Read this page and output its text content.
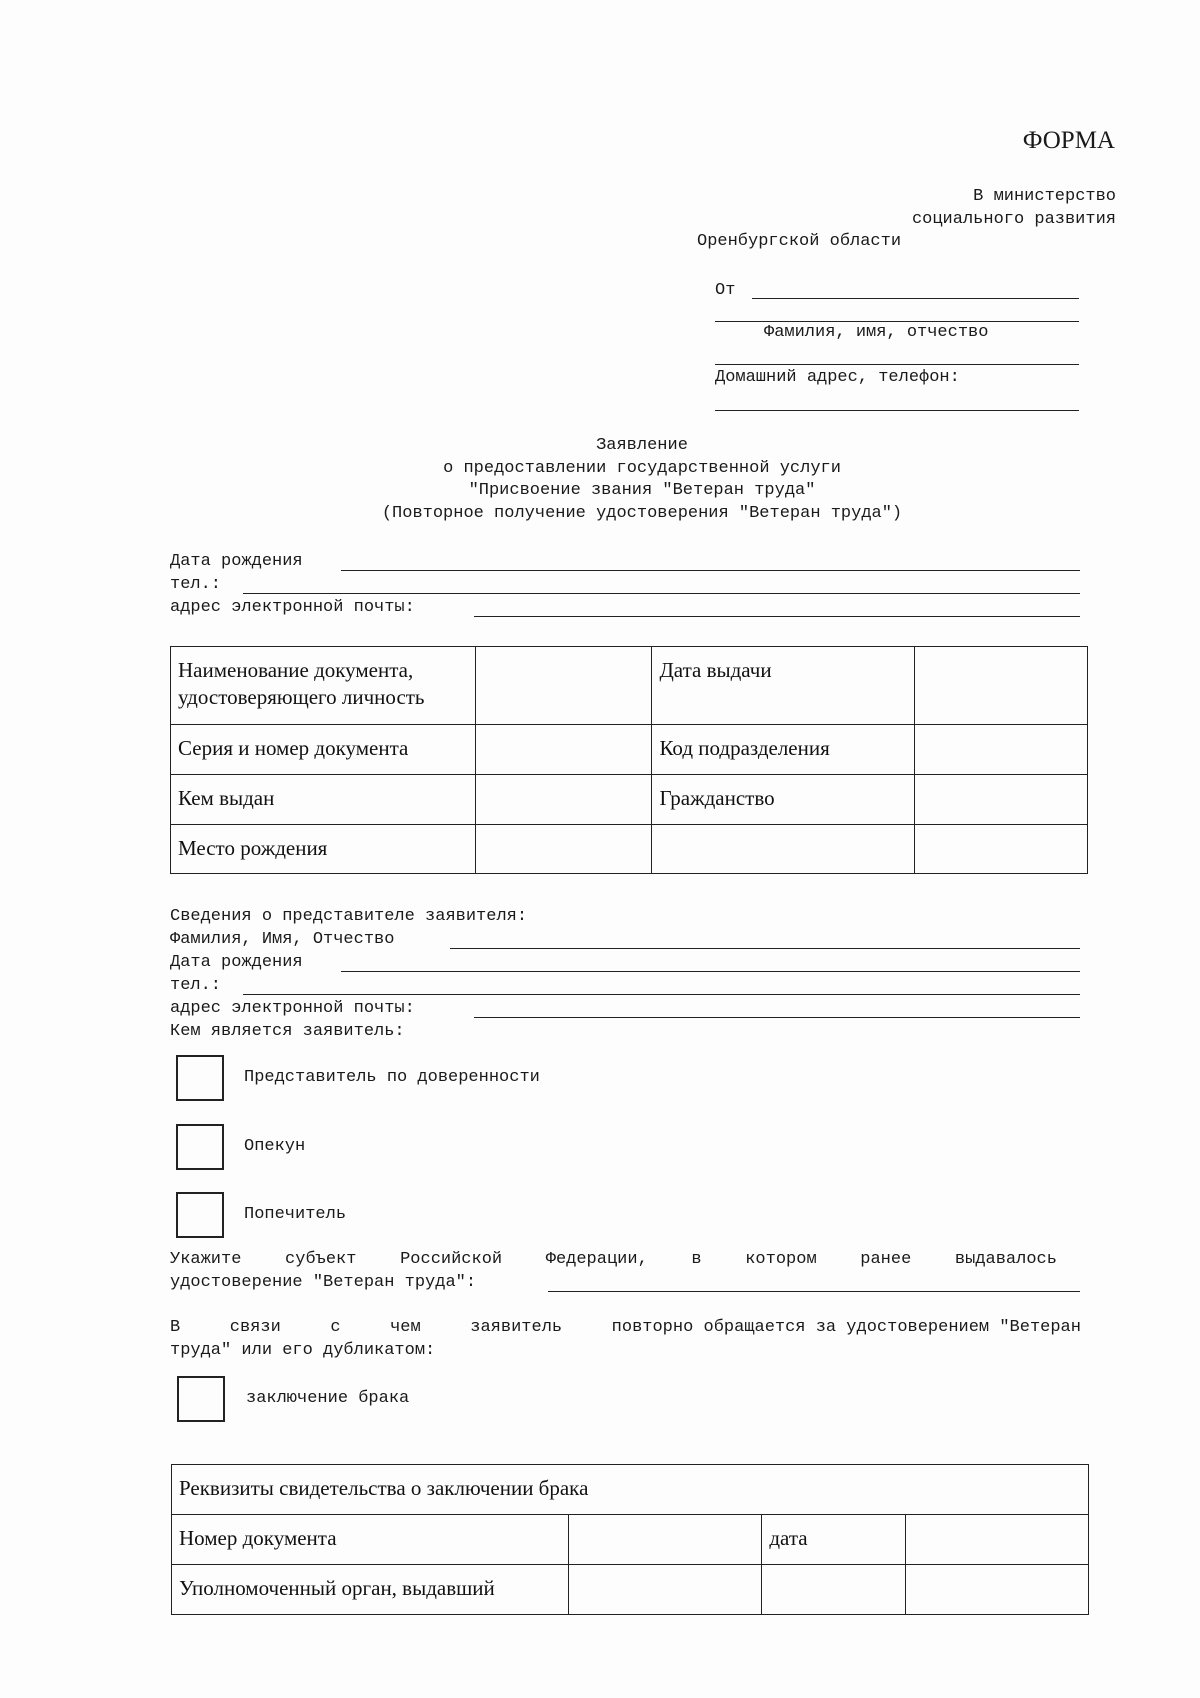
ФОРМА
В министерство
социального развития
Оренбургской области
От
Фамилия, имя, отчество
Домашний адрес, телефон:
Заявление
о предоставлении государственной услуги
"Присвоение звания "Ветеран труда"
(Повторное получение удостоверения "Ветеран труда")
Дата рождения
тел.:
адрес электронной почты:
Наименование документа, удостоверяющего личность		Дата выдачи	
Серия и номер документа		Код подразделения	
Кем выдан		Гражданство	
Место рождения			
Сведения о представителе заявителя:
Фамилия, Имя, Отчество
Дата рождения
тел.:
адрес электронной почты:
Кем является заявитель:
Представитель по доверенности
Опекун
Попечитель
Укажите	субъект	Российской	Федерации,	в	котором	ранее	выдавалось
удостоверение "Ветеран труда":
В	связи	с	чем	заявитель	повторно обращается за удостоверением "Ветеран
труда" или его дубликатом:
заключение брака
Реквизиты свидетельства о заключении брака			
Номер документа		дата	
Уполномоченный орган, выдавший			
